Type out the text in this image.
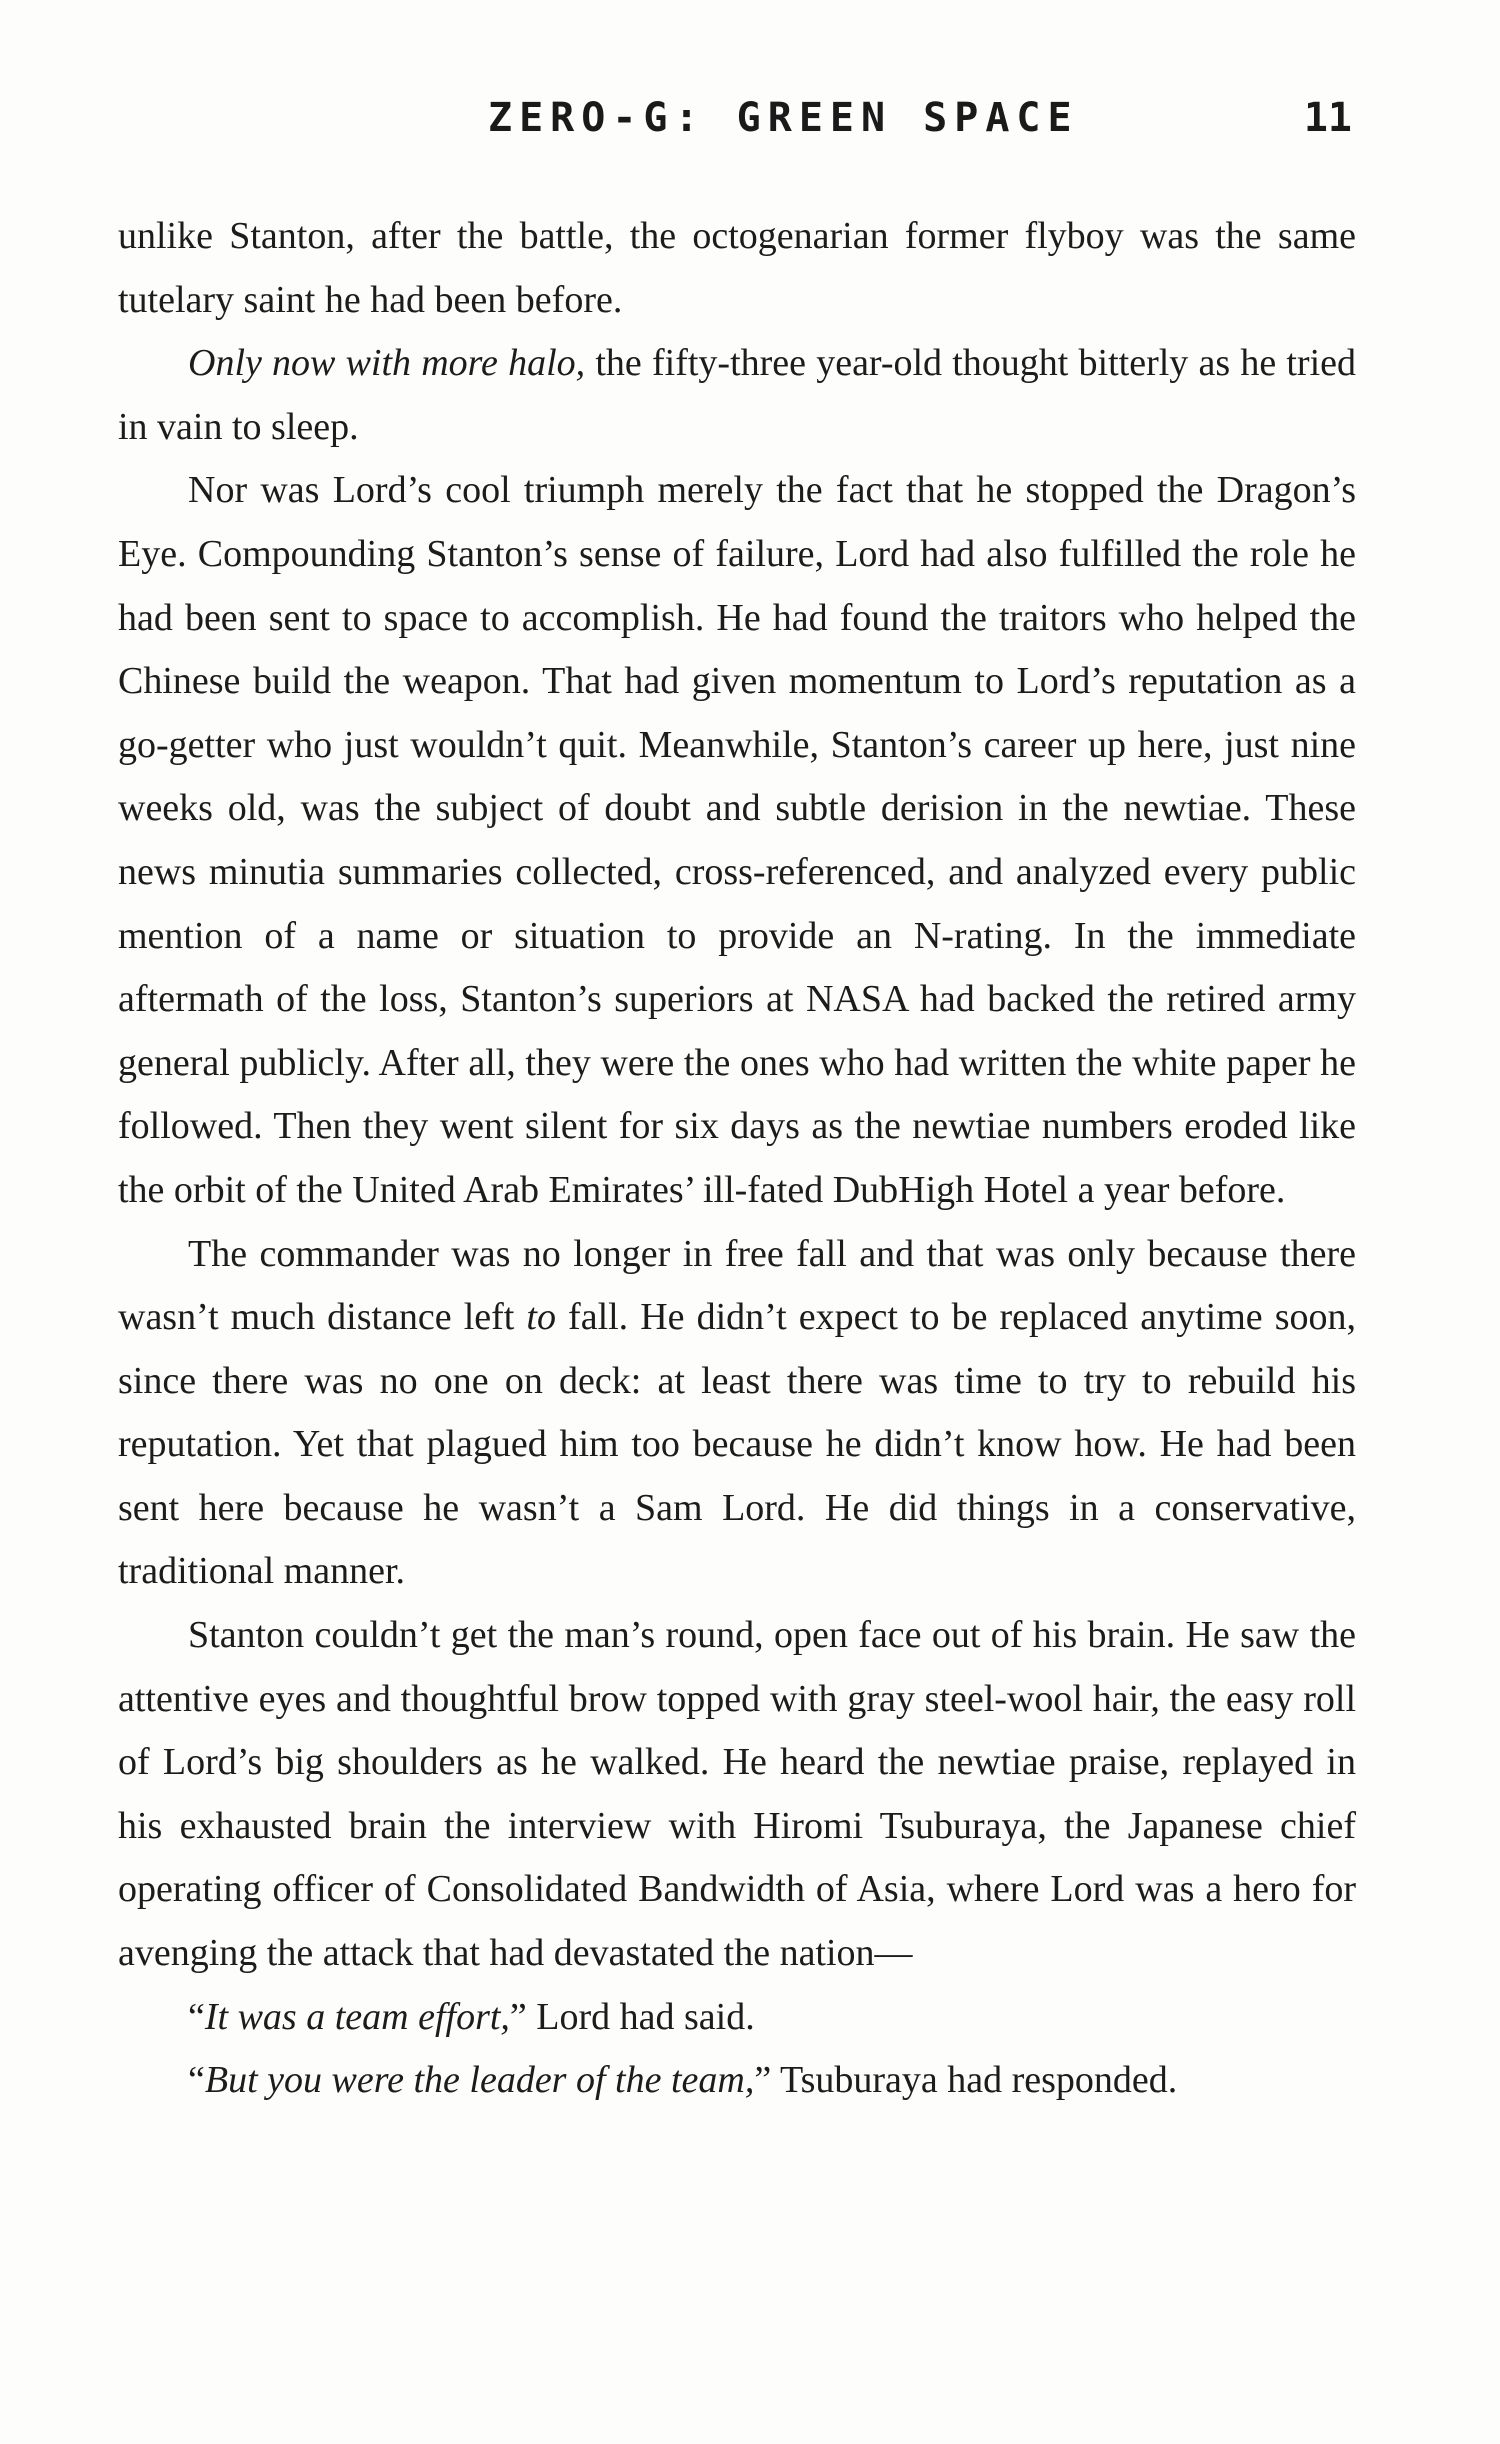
ZERO-G: GREEN SPACE	11

unlike Stanton, after the battle, the octogenarian former flyboy was the same tutelary saint he had been before.

Only now with more halo, the fifty-three year-old thought bitterly as he tried in vain to sleep.

Nor was Lord’s cool triumph merely the fact that he stopped the Dragon’s Eye. Compounding Stanton’s sense of failure, Lord had also fulfilled the role he had been sent to space to accomplish. He had found the traitors who helped the Chinese build the weapon. That had given momentum to Lord’s reputation as a go-getter who just wouldn’t quit. Meanwhile, Stanton’s career up here, just nine weeks old, was the subject of doubt and subtle derision in the newtiae. These news minutia summaries collected, cross-referenced, and analyzed every public mention of a name or situation to provide an N-rating. In the immediate aftermath of the loss, Stanton’s superiors at NASA had backed the retired army general publicly. After all, they were the ones who had written the white paper he followed. Then they went silent for six days as the newtiae numbers eroded like the orbit of the United Arab Emirates’ ill-fated DubHigh Hotel a year before.

The commander was no longer in free fall and that was only because there wasn’t much distance left to fall. He didn’t expect to be replaced anytime soon, since there was no one on deck: at least there was time to try to rebuild his reputation. Yet that plagued him too because he didn’t know how. He had been sent here because he wasn’t a Sam Lord. He did things in a conservative, traditional manner.

Stanton couldn’t get the man’s round, open face out of his brain. He saw the attentive eyes and thoughtful brow topped with gray steel-wool hair, the easy roll of Lord’s big shoulders as he walked. He heard the newtiae praise, replayed in his exhausted brain the interview with Hiromi Tsuburaya, the Japanese chief operating officer of Consolidated Bandwidth of Asia, where Lord was a hero for avenging the attack that had devastated the nation—

“It was a team effort,” Lord had said.

“But you were the leader of the team,” Tsuburaya had responded.
